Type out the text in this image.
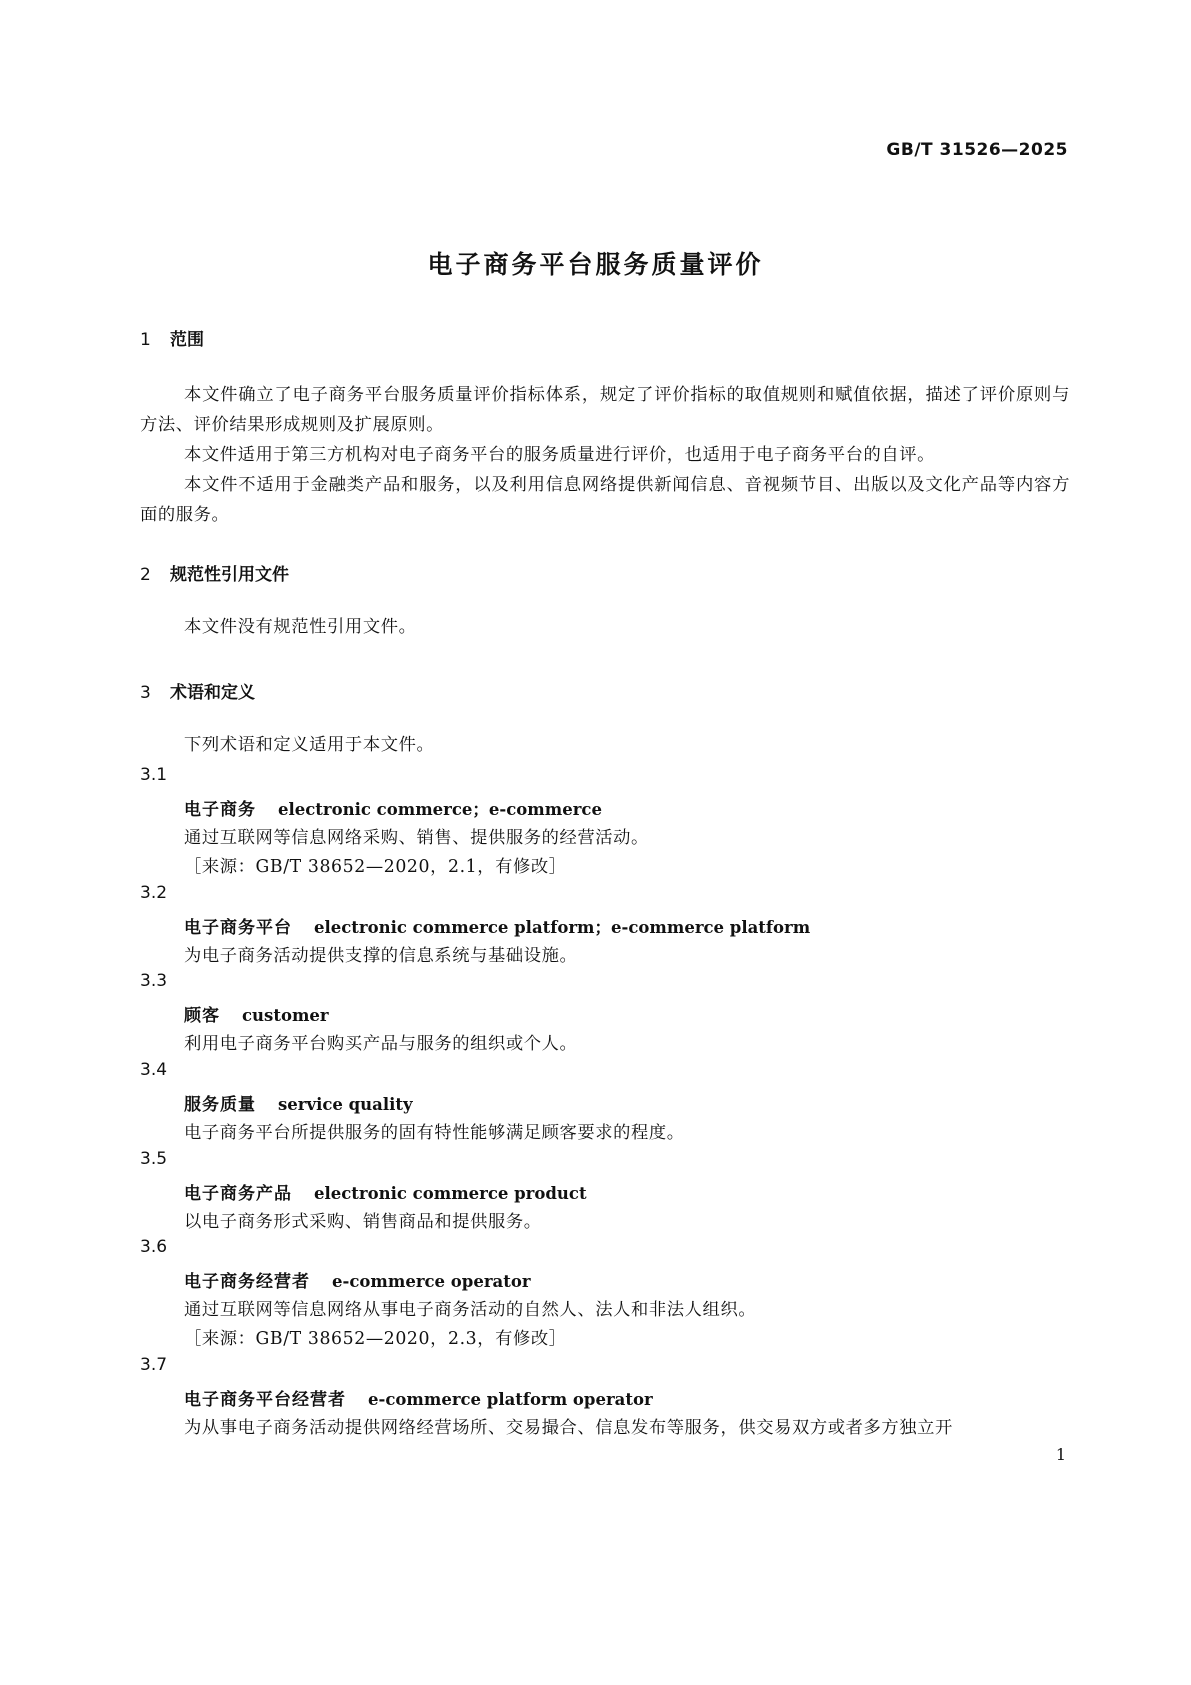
GB/T 31526—2025

电子商务平台服务质量评价
1 范围

本文件确立了电子商务平台服务质量评价指标体系，规定了评价指标的取值规则和赋值依据，描述了评价原则与方法、评价结果形成规则及扩展原则。

本文件适用于第三方机构对电子商务平台的服务质量进行评价，也适用于电子商务平台的自评。

本文件不适用于金融类产品和服务，以及利用信息网络提供新闻信息、音视频节目、出版以及文化产品等内容方面的服务。

2 规范性引用文件

本文件没有规范性引用文件。

3 术语和定义

下列术语和定义适用于本文件。

3.1
电子商务 electronic commerce；e-commerce
通过互联网等信息网络采购、销售、提供服务的经营活动。
［来源：GB/T 38652—2020，2.1，有修改］
3.2
电子商务平台 electronic commerce platform；e-commerce platform
为电子商务活动提供支撑的信息系统与基础设施。
3.3
顾客 customer
利用电子商务平台购买产品与服务的组织或个人。
3.4
服务质量 service quality
电子商务平台所提供服务的固有特性能够满足顾客要求的程度。
3.5
电子商务产品 electronic commerce product
以电子商务形式采购、销售商品和提供服务。
3.6
电子商务经营者 e-commerce operator
通过互联网等信息网络从事电子商务活动的自然人、法人和非法人组织。
［来源：GB/T 38652—2020，2.3，有修改］
3.7
电子商务平台经营者 e-commerce platform operator
为从事电子商务活动提供网络经营场所、交易撮合、信息发布等服务，供交易双方或者多方独立开

1
